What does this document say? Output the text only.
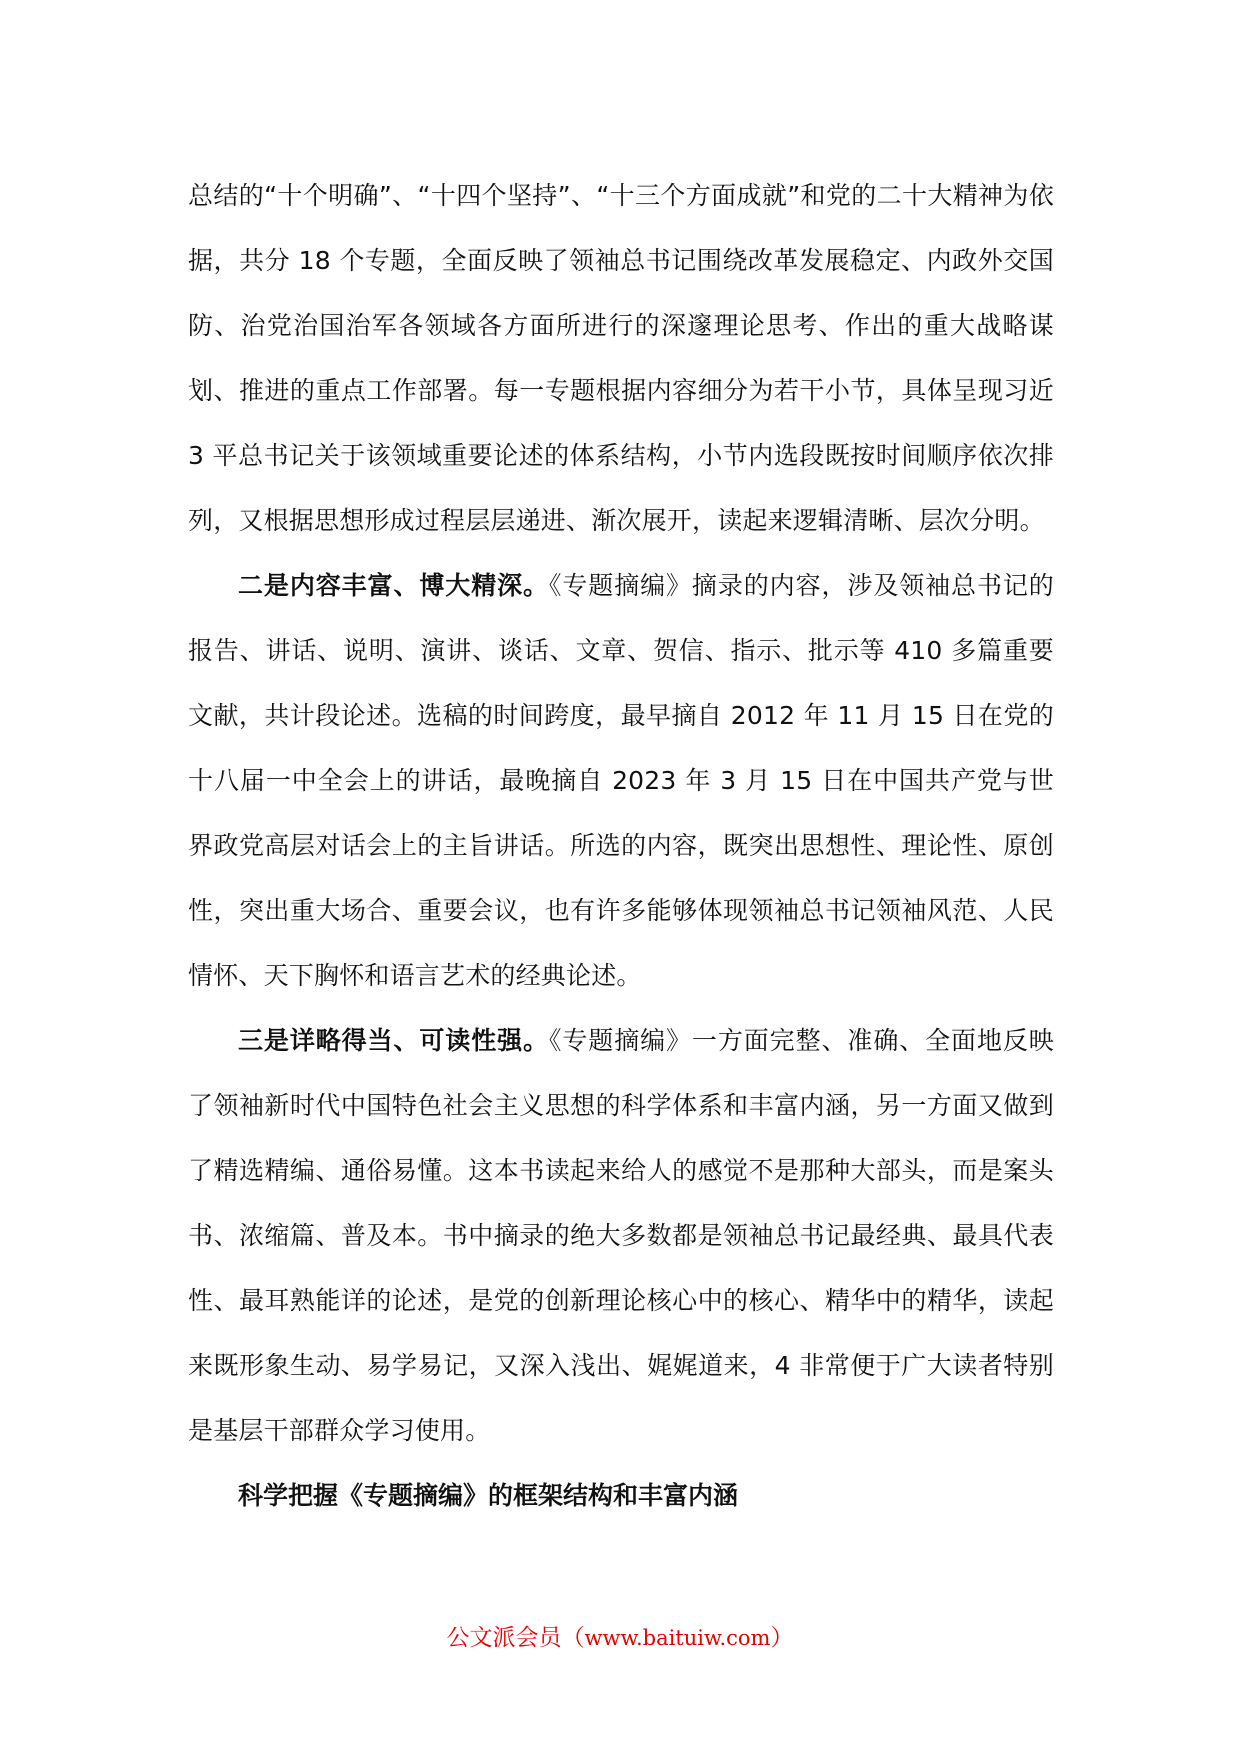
总结的“十个明确”、“十四个坚持”、“十三个方面成就”和党的二十大精神为依据，共分 18 个专题，全面反映了领袖总书记围绕改革发展稳定、内政外交国防、治党治国治军各领域各方面所进行的深邃理论思考、作出的重大战略谋划、推进的重点工作部署。每一专题根据内容细分为若干小节，具体呈现习近 3 平总书记关于该领域重要论述的体系结构，小节内选段既按时间顺序依次排列，又根据思想形成过程层层递进、渐次展开，读起来逻辑清晰、层次分明。

二是内容丰富、博大精深。《专题摘编》摘录的内容，涉及领袖总书记的报告、讲话、说明、演讲、谈话、文章、贺信、指示、批示等 410 多篇重要文献，共计段论述。选稿的时间跨度，最早摘自 2012 年 11 月 15 日在党的十八届一中全会上的讲话，最晚摘自 2023 年 3 月 15 日在中国共产党与世界政党高层对话会上的主旨讲话。所选的内容，既突出思想性、理论性、原创性，突出重大场合、重要会议，也有许多能够体现领袖总书记领袖风范、人民情怀、天下胸怀和语言艺术的经典论述。

三是详略得当、可读性强。《专题摘编》一方面完整、准确、全面地反映了领袖新时代中国特色社会主义思想的科学体系和丰富内涵，另一方面又做到了精选精编、通俗易懂。这本书读起来给人的感觉不是那种大部头，而是案头书、浓缩篇、普及本。书中摘录的绝大多数都是领袖总书记最经典、最具代表性、最耳熟能详的论述，是党的创新理论核心中的核心、精华中的精华，读起来既形象生动、易学易记，又深入浅出、娓娓道来，4 非常便于广大读者特别是基层干部群众学习使用。

科学把握《专题摘编》的框架结构和丰富内涵

公文派会员（www.baituiw.com）
